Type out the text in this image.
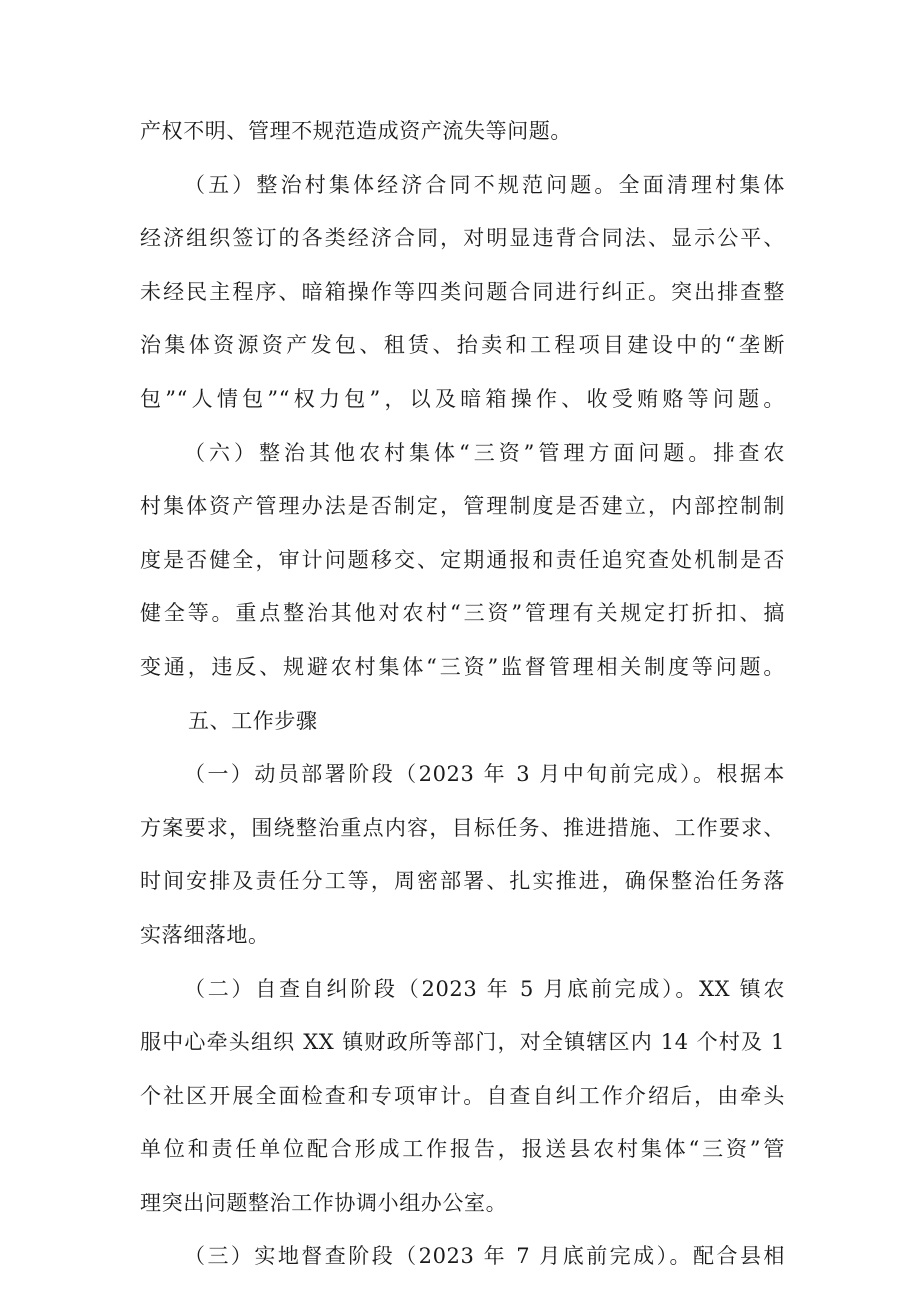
产权不明、管理不规范造成资产流失等问题。
（五）整治村集体经济合同不规范问题。全面清理村集体
经济组织签订的各类经济合同，对明显违背合同法、显示公平、
未经民主程序、暗箱操作等四类问题合同进行纠正。突出排查整
治集体资源资产发包、租赁、抬卖和工程项目建设中的“垄断
包”“人情包”“权力包”，以及暗箱操作、收受贿赂等问题。
（六）整治其他农村集体“三资”管理方面问题。排查农
村集体资产管理办法是否制定，管理制度是否建立，内部控制制
度是否健全，审计问题移交、定期通报和责任追究查处机制是否
健全等。重点整治其他对农村“三资”管理有关规定打折扣、搞
变通，违反、规避农村集体“三资”监督管理相关制度等问题。
五、工作步骤
（一）动员部署阶段（2023 年 3 月中旬前完成）。根据本
方案要求，围绕整治重点内容，目标任务、推进措施、工作要求、
时间安排及责任分工等，周密部署、扎实推进，确保整治任务落
实落细落地。
（二）自查自纠阶段（2023 年 5 月底前完成）。XX 镇农
服中心牵头组织 XX 镇财政所等部门，对全镇辖区内 14 个村及 1
个社区开展全面检查和专项审计。自查自纠工作介绍后，由牵头
单位和责任单位配合形成工作报告，报送县农村集体“三资”管
理突出问题整治工作协调小组办公室。
（三）实地督查阶段（2023 年 7 月底前完成）。配合县相
